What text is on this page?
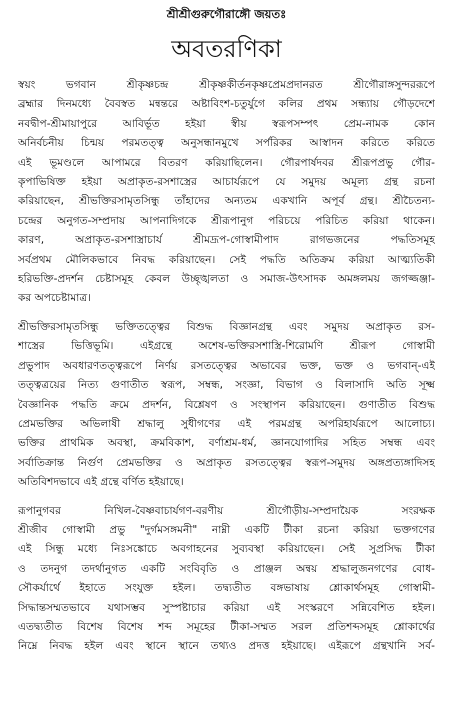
শ্রীশ্রীগুরুগৌরাঙ্গৌ জয়তঃ
অবতরণিকা

স্বয়ং ভগবান শ্রীকৃষ্ণচন্দ্র শ্রীকৃষ্ণকীর্তনকৃষ্ণপ্রেমপ্রদানরত শ্রীগৌরাঙ্গসুন্দররূপে
ব্রহ্মার দিনমধ্যে বৈবস্বত মন্বন্তরে অষ্টাবিংশ-চতুর্যুগে কলির প্রথম সন্ধ্যায় গৌড়দেশে
নবদ্বীপ-শ্রীমায়াপুরে আবির্ভূত হইয়া স্বীয় স্বরূপসম্পৎ প্রেম-নামক কোন
অনির্বচনীয় চিন্ময় পরমতত্ত্ব অনুসন্ধানমুখে সর্পরিকর আস্বাদন করিতে করিতে
এই ভূমণ্ডলে আপামরে বিতরণ করিয়াছিলেন। গৌরপার্ষদবর শ্রীরূপপ্রভু গৌর-
কৃপাভিষিক্ত হইয়া অপ্রাকৃত-রসশাস্ত্রের আচার্যরূপে যে সমুদয় অমূল্য গ্রন্থ রচনা
করিয়াছেন, শ্রীভক্তিরসামৃতসিন্ধু তাঁহাদের অন্যতম একখানি অপূর্ব গ্রন্থ। শ্রীচৈতন্য-
চন্দ্রের অনুগত-সম্প্রদায় আপনাদিগকে শ্রীরূপানুগ পরিচয়ে পরিচিত করিয়া থাকেন।
কারণ, অপ্রাকৃত-রসশাস্ত্রাচার্য শ্রীমদ্রূপ-গোস্বামীপাদ রাগভজনের পদ্ধতিসমূহ
সর্বপ্রথম মৌলিকভাবে নিবদ্ধ করিয়াছেন। সেই পদ্ধতি অতিক্রম করিয়া আত্ম্যতিকী
হরিভক্তি-প্রদর্শন চেষ্টাসমূহ কেবল উচ্ছৃঙ্খলতা ও সমাজ-উৎসাদক অমঙ্গলময় জগজ্জঞ্জা-
কর অপচেষ্টামাত্র।

শ্রীভক্তিরসামৃতসিন্ধু ভক্তিতত্ত্বের বিশুদ্ধ বিজ্ঞানগ্রন্থ এবং সমুদয় অপ্রাকৃত রস-
শাস্ত্রের ভিত্তিভূমি। এইগ্রন্থে অশেষ-ভক্তিরসশাস্ত্রি-শিরোমণি শ্রীরূপ গোস্বামী
প্রভুপাদ অবধারণতত্ত্বরূপে নির্ণয় রসতত্ত্বের অভাবের ভক্ত, ভক্ত ও ভগবান্-এই
তত্ত্বত্রয়ের নিত্য গুণাতীত স্বরূপ, সম্বন্ধ, সংজ্ঞা, বিভাগ ও বিলাসাদি অতি সূক্ষ্ম
বৈজ্ঞানিক পদ্ধতি ক্রমে প্রদর্শন, বিশ্লেষণ ও সংস্থাপন করিয়াছেন। গুণাতীত বিশুদ্ধ
প্রেমভক্তির অভিলাষী শ্রদ্ধালু সুধীগণের এই পরমগ্রন্থ অপরিহার্যরূপে আলোচ্য।
ভক্তির প্রাথমিক অবস্থা, ক্রমবিকাশ, বর্ণাশ্রম-ধর্ম, জ্ঞানযোগাদির সহিত সম্বন্ধ এবং
সর্বাতিক্রান্ত নির্গুণ প্রেমভক্তির ও অপ্রাকৃত রসতত্ত্বের স্বরূপ-সমুদয় অঙ্গপ্রত্যঙ্গাদিসহ
অতিবিশদভাবে এই গ্রন্থে বর্ণিত হইয়াছে।

রূপানুগবর নিখিল-বৈষ্ণবাচার্যগণ-বরণীয় শ্রীগৌড়ীয়-সম্প্রদায়ৈক সংরক্ষক
শ্রীজীব গোস্বামী প্রভু "দুর্গমসঙ্গমনী" নাম্নী একটি টীকা রচনা করিয়া ভক্তগণের
এই সিন্ধু মধ্যে নিঃসঙ্কোচে অবগাহনের সুব্যবস্থা করিয়াছেন। সেই সুপ্রসিদ্ধ টীকা
ও তদনুগ তদর্থানুগত একটি সংবিবৃতি ও প্রাঞ্জল অন্বয় শ্রদ্ধালুজনগণের বোধ-
সৌকর্যার্থে ইহাতে সংযুক্ত হইল। তদ্ব্যতীত বঙ্গভাষায় শ্লোকার্থসমূহ গোস্বামী-
সিদ্ধান্তসম্মতভাবে যথাসম্ভব সুস্পষ্টাচার করিয়া এই সংস্করণে সন্নিবেশিত হইল।
এতদ্ব্যতীত বিশেষ বিশেষ শব্দ সমূহের টীকা-সম্মত সরল প্রতিশব্দসমূহ শ্লোকার্থের
নিম্নে নিবদ্ধ হইল এবং স্থানে স্থানে তথ্যও প্রদত্ত হইয়াছে। এইরূপে গ্রন্থখানি সর্ব-
